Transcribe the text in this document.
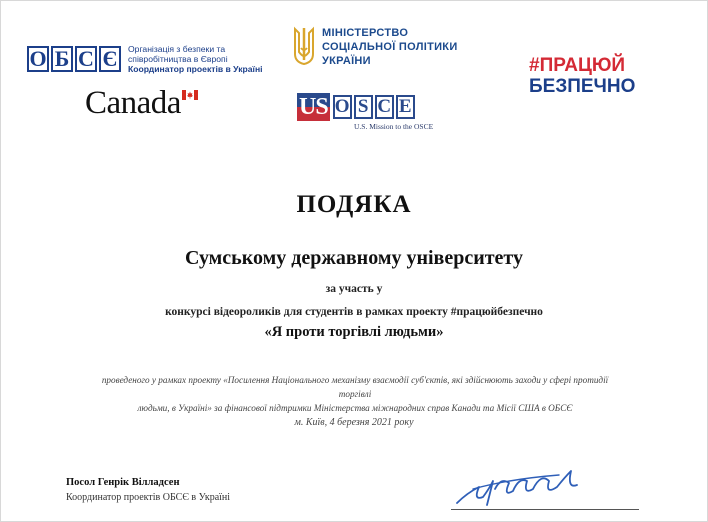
О Б С Є	Організація з безпеки та
співробітництва в Європі
Координатор проектів в Україні
Canada
МІНІСТЕРСТВО
СОЦІАЛЬНОЇ ПОЛІТИКИ
УКРАЇНИ
US O S C E
U.S. Mission to the OSCE
#ПРАЦЮЙ
БЕЗПЕЧНО
ПОДЯКА
Сумському державному університету
за участь у
конкурсі відеороликів для студентів в рамках проекту #працюйбезпечно
«Я проти торгівлі людьми»
проведеного у рамках проекту «Посилення Національного механізму взаємодії суб'єктів, які здійснюють заходи у сфері протидії торгівлі
людьми, в Україні» за фінансової підтримки Міністерства міжнародних справ Канади та Місії США в ОБСЄ
м. Київ, 4 березня 2021 року
Посол Генрік Вілладсен
Координатор проектів ОБСЄ в Україні
